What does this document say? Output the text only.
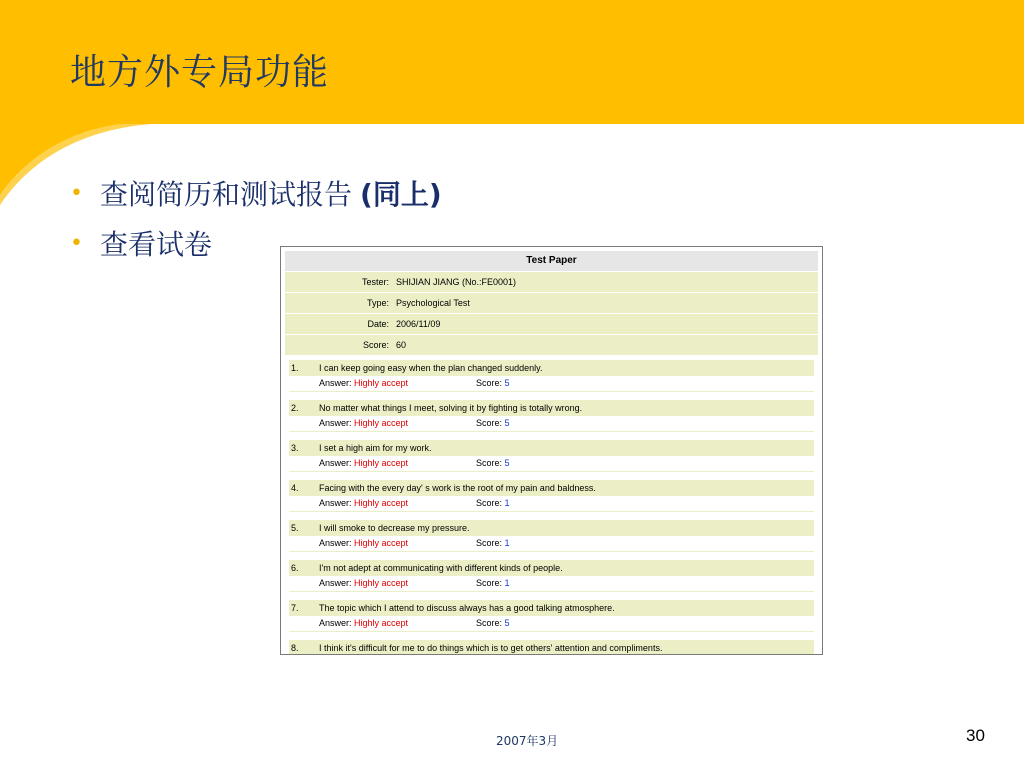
地方外专局功能
• 查阅简历和测试报告 (同上)
• 查看试卷	Test Paper
Tester: SHIJIAN JIANG (No.:FE0001)
Type: Psychological Test
Date: 2006/11/09
Score: 60
1.	I can keep going easy when the plan changed suddenly.
Answer: Highly accept	Score: 5
2.	No matter what things I meet, solving it by fighting is totally wrong.
Answer: Highly accept	Score: 5
3.	I set a high aim for my work.
Answer: Highly accept	Score: 5
4.	Facing with the every day' s work is the root of my pain and baldness.
Answer: Highly accept	Score: 1
5.	I will smoke to decrease my pressure.
Answer: Highly accept	Score: 1
6.	I'm not adept at communicating with different kinds of people.
Answer: Highly accept	Score: 1
7.	The topic which I attend to discuss always has a good talking atmosphere.
Answer: Highly accept	Score: 5
8.	I think it's difficult for me to do things which is to get others' attention and compliments.
2007年3月	30
